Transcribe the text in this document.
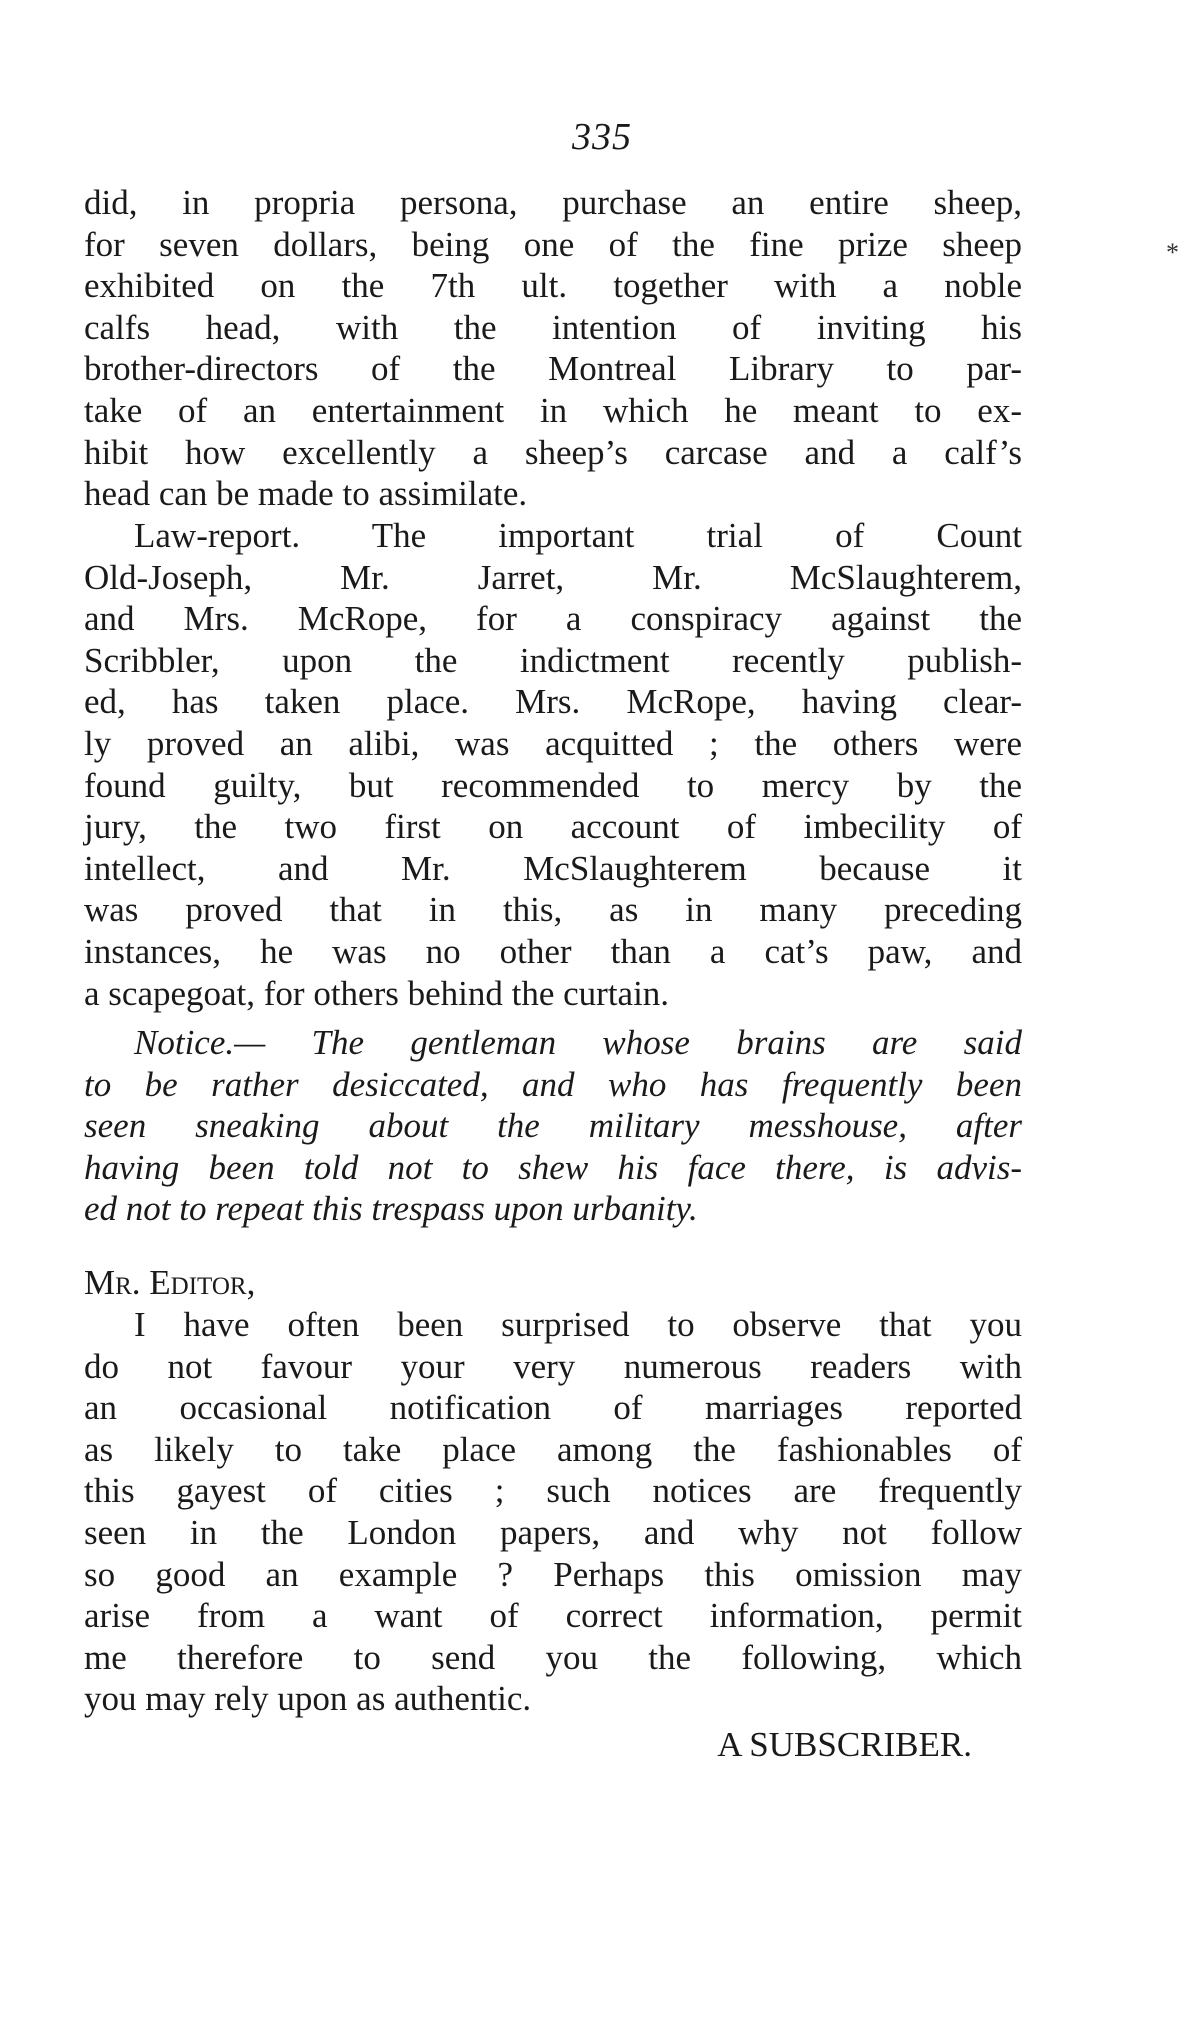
335
*
did, in propria persona, purchase an entire sheep,
for seven dollars, being one of the fine prize sheep
exhibited on the 7th ult. together with a noble
calfs head, with the intention of inviting his
brother-directors of the Montreal Library to par-
take of an entertainment in which he meant to ex-
hibit how excellently a sheep’s carcase and a calf’s
head can be made to assimilate.
Law-report. The important trial of Count
Old-Joseph, Mr. Jarret, Mr. McSlaughterem,
and Mrs. McRope, for a conspiracy against the
Scribbler, upon the indictment recently publish-
ed, has taken place. Mrs. McRope, having clear-
ly proved an alibi, was acquitted ; the others were
found guilty, but recommended to mercy by the
jury, the two first on account of imbecility of
intellect, and Mr. McSlaughterem because it
was proved that in this, as in many preceding
instances, he was no other than a cat’s paw, and
a scapegoat, for others behind the curtain.
Notice.— The gentleman whose brains are said
to be rather desiccated, and who has frequently been
seen sneaking about the military messhouse, after
having been told not to shew his face there, is advis-
ed not to repeat this trespass upon urbanity.
Mr. Editor,
I have often been surprised to observe that you
do not favour your very numerous readers with
an occasional notification of marriages reported
as likely to take place among the fashionables of
this gayest of cities ; such notices are frequently
seen in the London papers, and why not follow
so good an example ? Perhaps this omission may
arise from a want of correct information, permit
me therefore to send you the following, which
you may rely upon as authentic.
A SUBSCRIBER.
